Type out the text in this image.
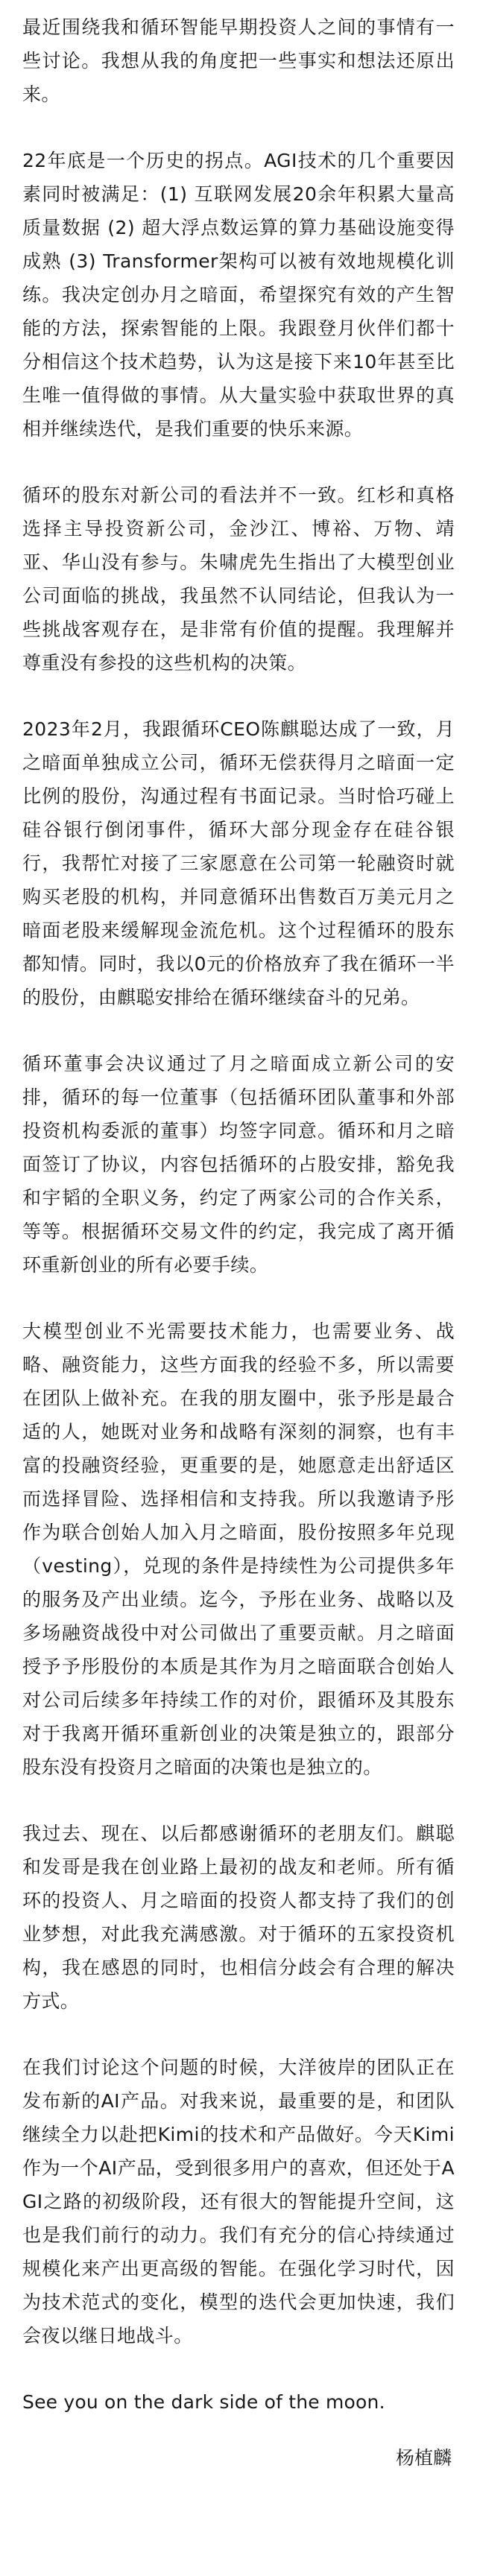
最近围绕我和循环智能早期投资人之间的事情有一些讨论。我想从我的角度把一些事实和想法还原出来。

22年底是一个历史的拐点。AGI技术的几个重要因素同时被满足：(1) 互联网发展20余年积累大量高质量数据 (2) 超大浮点数运算的算力基础设施变得成熟 (3) Transformer架构可以被有效地规模化训练。我决定创办月之暗面，希望探究有效的产生智能的方法，探索智能的上限。我跟登月伙伴们都十分相信这个技术趋势，认为这是接下来10年甚至比生唯一值得做的事情。从大量实验中获取世界的真相并继续迭代，是我们重要的快乐来源。

循环的股东对新公司的看法并不一致。红杉和真格选择主导投资新公司，金沙江、博裕、万物、靖亚、华山没有参与。朱啸虎先生指出了大模型创业公司面临的挑战，我虽然不认同结论，但我认为一些挑战客观存在，是非常有价值的提醒。我理解并尊重没有参投的这些机构的决策。

2023年2月，我跟循环CEO陈麒聪达成了一致，月之暗面单独成立公司，循环无偿获得月之暗面一定比例的股份，沟通过程有书面记录。当时恰巧碰上硅谷银行倒闭事件，循环大部分现金存在硅谷银行，我帮忙对接了三家愿意在公司第一轮融资时就购买老股的机构，并同意循环出售数百万美元月之暗面老股来缓解现金流危机。这个过程循环的股东都知情。同时，我以0元的价格放弃了我在循环一半的股份，由麒聪安排给在循环继续奋斗的兄弟。

循环董事会决议通过了月之暗面成立新公司的安排，循环的每一位董事（包括循环团队董事和外部投资机构委派的董事）均签字同意。循环和月之暗面签订了协议，内容包括循环的占股安排，豁免我和宇韬的全职义务，约定了两家公司的合作关系，等等。根据循环交易文件的约定，我完成了离开循环重新创业的所有必要手续。

大模型创业不光需要技术能力，也需要业务、战略、融资能力，这些方面我的经验不多，所以需要在团队上做补充。在我的朋友圈中，张予彤是最合适的人，她既对业务和战略有深刻的洞察，也有丰富的投融资经验，更重要的是，她愿意走出舒适区而选择冒险、选择相信和支持我。所以我邀请予彤作为联合创始人加入月之暗面，股份按照多年兑现（vesting），兑现的条件是持续性为公司提供多年的服务及产出业绩。迄今，予彤在业务、战略以及多场融资战役中对公司做出了重要贡献。月之暗面授予予彤股份的本质是其作为月之暗面联合创始人对公司后续多年持续工作的对价，跟循环及其股东对于我离开循环重新创业的决策是独立的，跟部分股东没有投资月之暗面的决策也是独立的。

我过去、现在、以后都感谢循环的老朋友们。麒聪和发哥是我在创业路上最初的战友和老师。所有循环的投资人、月之暗面的投资人都支持了我们的创业梦想，对此我充满感激。对于循环的五家投资机构，我在感恩的同时，也相信分歧会有合理的解决方式。

在我们讨论这个问题的时候，大洋彼岸的团队正在发布新的AI产品。对我来说，最重要的是，和团队继续全力以赴把Kimi的技术和产品做好。今天Kimi作为一个AI产品，受到很多用户的喜欢，但还处于AGI之路的初级阶段，还有很大的智能提升空间，这也是我们前行的动力。我们有充分的信心持续通过规模化来产出更高级的智能。在强化学习时代，因为技术范式的变化，模型的迭代会更加快速，我们会夜以继日地战斗。

See you on the dark side of the moon.

杨植麟
